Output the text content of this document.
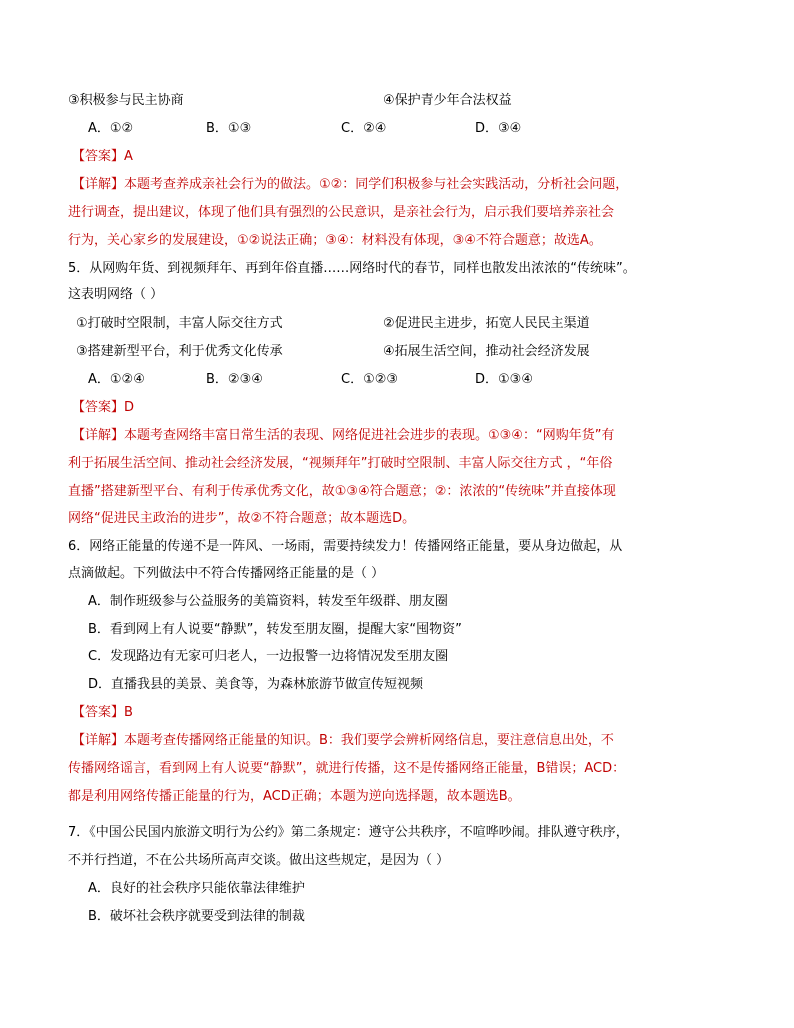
③积极参与民主协商	④保护青少年合法权益
A．①②	B．①③	C．②④	D．③④
【答案】A
【详解】本题考查养成亲社会行为的做法。①②：同学们积极参与社会实践活动，分析社会问题，
进行调查，提出建议，体现了他们具有强烈的公民意识，是亲社会行为，启示我们要培养亲社会
行为，关心家乡的发展建设，①②说法正确；③④：材料没有体现，③④不符合题意；故选A。
5．从网购年货、到视频拜年、再到年俗直播……网络时代的春节，同样也散发出浓浓的“传统味”。
这表明网络（ ）
①打破时空限制，丰富人际交往方式	②促进民主进步，拓宽人民民主渠道
③搭建新型平台，利于优秀文化传承	④拓展生活空间，推动社会经济发展
A．①②④	B．②③④	C．①②③	D．①③④
【答案】D
【详解】本题考查网络丰富日常生活的表现、网络促进社会进步的表现。①③④：“网购年货”有
利于拓展生活空间、推动社会经济发展，“视频拜年”打破时空限制、丰富人际交往方式 ，“年俗
直播”搭建新型平台、有利于传承优秀文化，故①③④符合题意；②：浓浓的“传统味”并直接体现
网络“促进民主政治的进步”，故②不符合题意；故本题选D。
6．网络正能量的传递不是一阵风、一场雨，需要持续发力！传播网络正能量，要从身边做起，从
点滴做起。下列做法中不符合传播网络正能量的是（ ）
A．制作班级参与公益服务的美篇资料，转发至年级群、朋友圈
B．看到网上有人说要“静默”，转发至朋友圈，提醒大家“囤物资”
C．发现路边有无家可归老人，一边报警一边将情况发至朋友圈
D．直播我县的美景、美食等，为森林旅游节做宣传短视频
【答案】B
【详解】本题考查传播网络正能量的知识。B：我们要学会辨析网络信息，要注意信息出处，不
传播网络谣言，看到网上有人说要“静默”，就进行传播，这不是传播网络正能量，B错误；ACD：
都是利用网络传播正能量的行为，ACD正确；本题为逆向选择题，故本题选B。
7．《中国公民国内旅游文明行为公约》第二条规定：遵守公共秩序，不喧哗吵闹。排队遵守秩序，
不并行挡道，不在公共场所高声交谈。做出这些规定，是因为（ ）
A．良好的社会秩序只能依靠法律维护
B．破坏社会秩序就要受到法律的制裁
